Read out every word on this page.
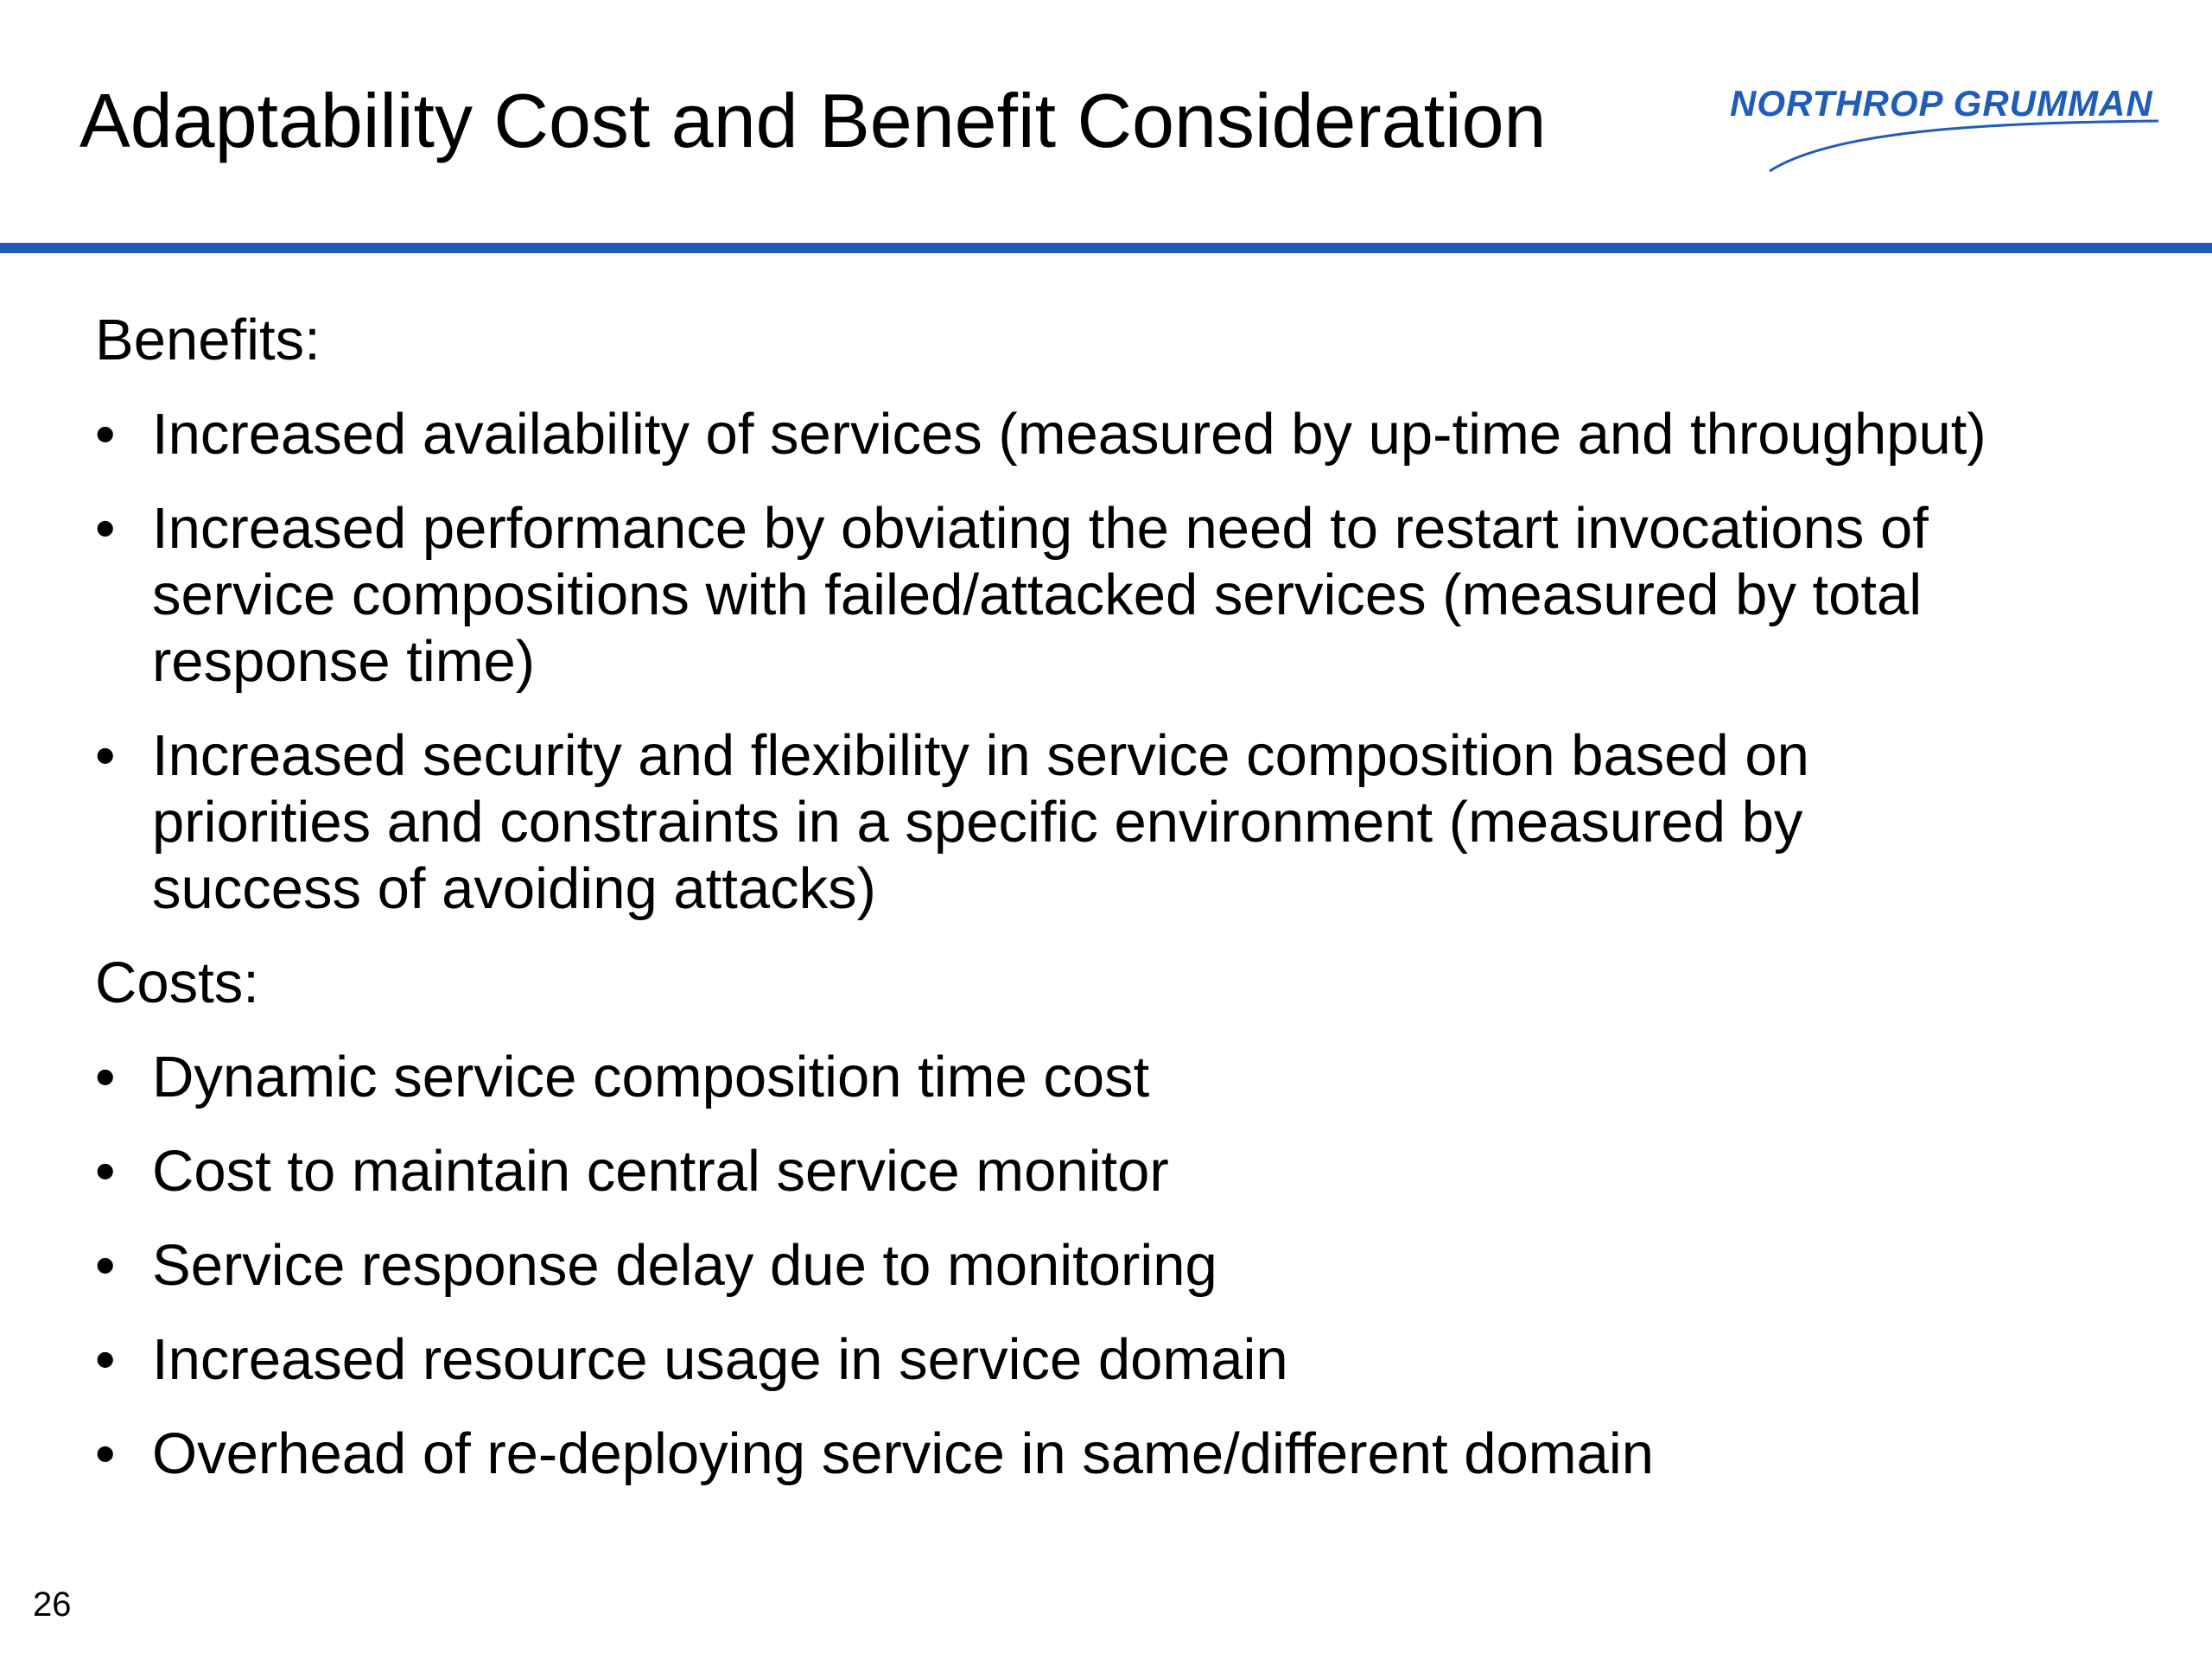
Adaptability Cost and Benefit Consideration	NORTHROP GRUMMAN
Benefits:
• Increased availability of services (measured by up-time and throughput)
• Increased performance by obviating the need to restart invocations of service compositions with failed/attacked services (measured by total response time)
• Increased security and flexibility in service composition based on priorities and constraints in a specific environment (measured by success of avoiding attacks)
Costs:
• Dynamic service composition time cost
• Cost to maintain central service monitor
• Service response delay due to monitoring
• Increased resource usage in service domain
• Overhead of re-deploying service in same/different domain
26
